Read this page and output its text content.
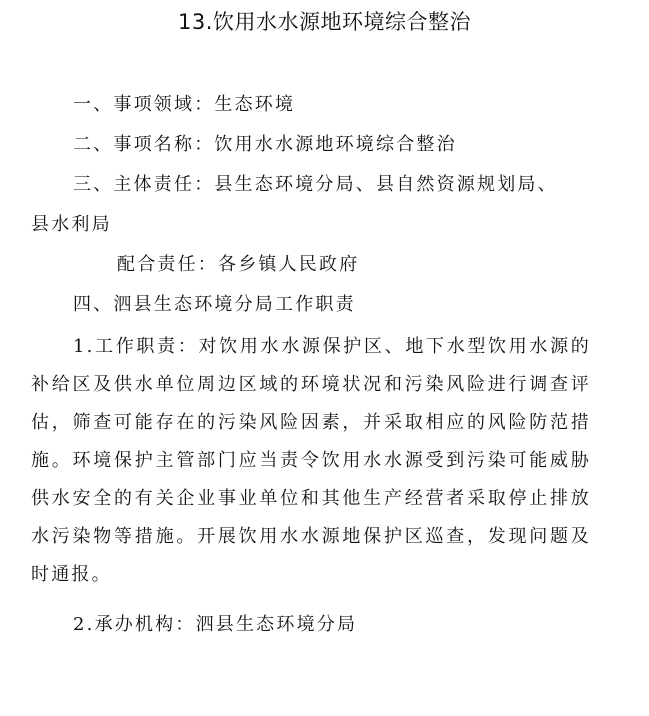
13.饮用水水源地环境综合整治
一、事项领域：生态环境
二、事项名称：饮用水水源地环境综合整治
三、主体责任：县生态环境分局、县自然资源规划局、
县水利局
配合责任：各乡镇人民政府
四、泗县生态环境分局工作职责
1.工作职责：对饮用水水源保护区、地下水型饮用水源的补给区及供水单位周边区域的环境状况和污染风险进行调查评估，筛查可能存在的污染风险因素，并采取相应的风险防范措施。环境保护主管部门应当责令饮用水水源受到污染可能威胁供水安全的有关企业事业单位和其他生产经营者采取停止排放水污染物等措施。开展饮用水水源地保护区巡查，发现问题及时通报。
2.承办机构：泗县生态环境分局
